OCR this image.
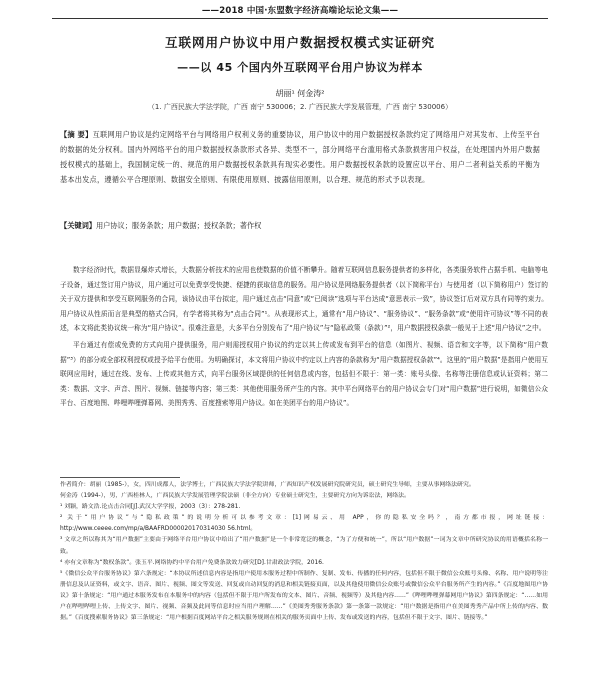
——2018 中国·东盟数字经济高端论坛论文集——
互联网用户协议中用户数据授权模式实证研究
——以 45 个国内外互联网平台用户协议为样本
胡丽¹ 何金涛²
（1. 广西民族大学法学院，广西 南宁 530006；2. 广西民族大学发展管理，广西 南宁 530006）
【摘 要】互联网用户协议是约定网络平台与网络用户权利义务的重要协议，用户协议中的用户数据授权条款约定了网络用户对其发布、上传至平台的数据的处分权利。国内外网络平台的用户数据授权条款形式各异、类型不一，部分网络平台滥用格式条款损害用户权益，在处理国内外用户数据授权模式的基础上，我国制定统一的、规范的用户数据授权条款具有现实必要性。用户数据授权条款的设置应以平台、用户二者利益关系的平衡为基本出发点，遵循公平合理原则、数据安全原则、有限使用原则、披露信用原则，以合理、规范的形式予以表现。
【关键词】用户协议；服务条款；用户数据；授权条款；著作权

数字经济时代，数据显爆炸式增长，大数据分析技术的应用也使数据的价值不断攀升。随着互联网信息服务提供者的多样化，各类服务软件占据手机、电脑等电子设备，通过签订用户协议，用户通过可以免费享受快捷、便捷的获取信息的服务。用户协议是网络服务提供者（以下简称平台）与使用者（以下简称用户）签订的关于双方提供和享受互联网服务的合同，该协议由平台拟定，用户通过点击“同意”或“已阅读”选项与平台达成“意思表示一致”，协议签订后对双方具有同等约束力。用户协议从性质而言是典型的格式合同，有学者将其称为“点击合同”¹。从表现形式上，通常有“用户协议”、“服务协议”、“服务条款”或“使用许可协议”等不同的表述，本文将此类协议统一称为“用户协议”。很难注意是，大多平台分别发布了“用户协议”与“隐私政策（条款）”²，用户数据授权条款一般见于上述“用户协议”之中。

平台通过有偿或免费的方式向用户提供服务，用户则需授权用户协议的约定以其上传或发布到平台的信息（如图片、视频、语音和文字等，以下简称“用户数据”³）的部分或全部权利授权或授予给平台使用。为明确探讨，本文将用户协议中约定以上内容的条款称为“用户数据授权条款”⁴。这里的“用户数据”是指用户使用互联网应用时，通过在线、发布、上传或其他方式，向平台服务区域提供的任何信息或内容，包括但不限于：第一类：账号头像、名称等注册信息或认证资料；第二类：数据、文字、声音、图片、视频、链接等内容；第三类：其他使用服务所产生的内容。其中平台网络平台的用户协议会专门对“用户数据”进行说明，如微信公众平台、百度地图、哔哩哔哩弹幕网、美图秀秀、百度搜索等用户协议。如在美团平台的用户协议”。

作者简介：胡丽（1985-），女，四川成都人，法学博士，广西民族大学法学院讲师，广西知识产权发展研究院研究员，硕士研究生导师，主要从事网络法研究。

何金涛（1994-），男，广西桂林人，广西民族大学发展管理学院法硕（非全方向）专业硕士研究生，主要研究方向为诉讼法，网络法。

¹ 刘颖，路文浩.论点击合同[J].武汉大学学报，2003（3）：278-281.

² 关于“用户协议”与“隐私政策”的说明分析可以参考文章：[1]网易云、用 APP，你的隐私安全吗？，南方都市报，网址链接：http://www.ceeee.com/mp/a/BAAFRD000020170314030 56.html。

³ 文章之所以称其为“用户数据”主要由于网络平台用户协议中给出了“用户数据”是一个非常宽泛的概念，“为了方便和统一”，所以“用户数据”一词为文章中所研究协议的用语概括名称一致。

⁴ 亦有文章称为“数权条款”。张玉平.网络协约中平台用户免费条款效力研究[D].甘肃政法学院，2016.

⁵《微信公众平台服务协议》第六条规定：“本协议所述信息内容是指用户使用本服务过程中所制作、复制、发布、传播的任何内容，包括但不限于微信公众账号头像、名称、用户说明等注册信息及认证资料，或文字、语音、图片、视频、图文等发送、回复或自动回复的消息和相关链接页面，以及其他使用微信公众账号或微信公众平台服务所产生的内容。”《百度地图用户协议》第十条规定：“用户通过本服务发布在本服务中的内容（包括但不限于用户所发布的文本、图片、音频、视频等）及其他内容……”《哔哩哔哩弹幕网用户协议》第四条规定：“……如用户在哔哩哔哩上传、上传文字、图片、视频、音频及此同等信息时应当用户理解……”《美图秀秀服务条款》第一条第一款规定：“用户数据是指用户在美图秀秀产品中所上传的内容、数据。”《百度搜索服务协议》第三条规定：“用户根据百度网站平台之相关服务规则在相关的服务页面中上传、发布或发送的内容，包括但不限于文字、图片、链接等。”
